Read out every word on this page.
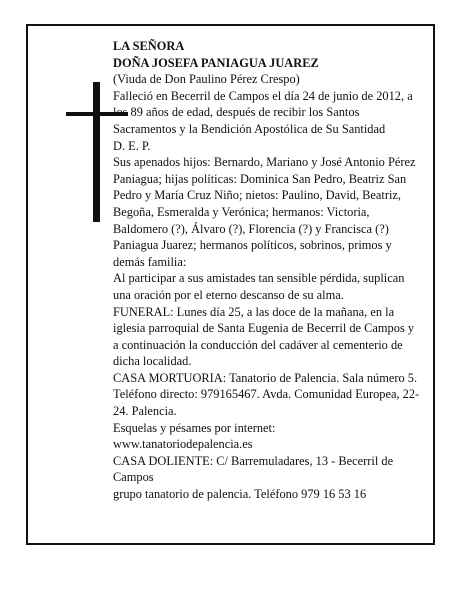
LA SEÑORA

DOÑA JOSEFA PANIAGUA JUAREZ

(Viuda de Don Paulino Pérez Crespo)

Falleció en Becerril de Campos el día 24 de junio de 2012, a los 89 años de edad, después de recibir los Santos Sacramentos y la Bendición Apostólica de Su Santidad

D. E. P.

Sus apenados hijos: Bernardo, Mariano y José Antonio Pérez Paniagua; hijas políticas: Dominica San Pedro, Beatriz San Pedro y María Cruz Niño; nietos: Paulino, David, Beatriz, Begoña, Esmeralda y Verónica; hermanos: Victoria, Baldomero (?), Álvaro (?), Florencia (?) y Francisca (?) Paniagua Juarez; hermanos políticos, sobrinos, primos y demás familia:

Al participar a sus amistades tan sensible pérdida, suplican una oración por el eterno descanso de su alma.

FUNERAL: Lunes día 25, a las doce de la mañana, en la iglesia parroquial de Santa Eugenia de Becerril de Campos y a continuación la conducción del cadáver al cementerio de dicha localidad.

CASA MORTUORIA: Tanatorio de Palencia. Sala número 5. Teléfono directo: 979165467. Avda. Comunidad Europea, 22-24. Palencia.

Esquelas y pésames por internet:

www.tanatoriodepalencia.es

CASA DOLIENTE: C/ Barremuladares, 13 - Becerril de Campos

grupo tanatorio de palencia. Teléfono 979 16 53 16
